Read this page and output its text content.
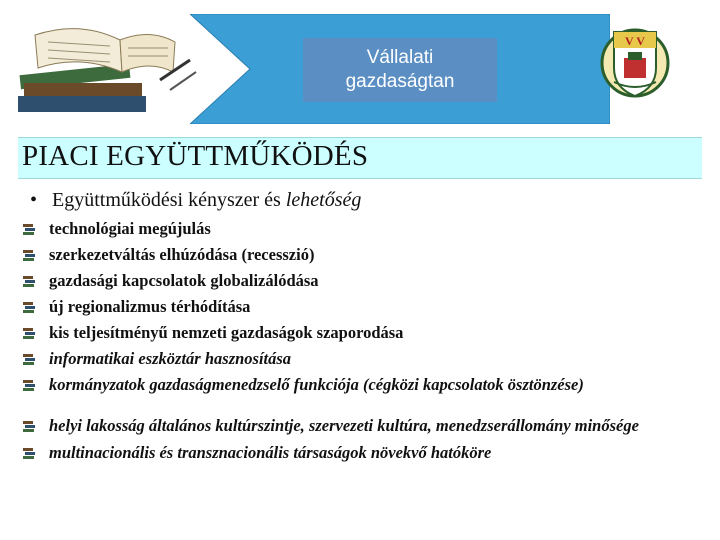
Vállalati
gazdaságtan
V V
PIACI EGYÜTTMŰKÖDÉS
• Együttműködési kényszer és lehetőség
technológiai megújulás
szerkezetváltás elhúzódása (recesszió)
gazdasági kapcsolatok globalizálódása
új regionalizmus térhódítása
kis teljesítményű nemzeti gazdaságok szaporodása
informatikai eszköztár hasznosítása
kormányzatok gazdaságmenedzselő funkciója (cégközi kapcsolatok ösztönzése)
helyi lakosság általános kultúrszintje, szervezeti kultúra, menedzserállomány minősége
multinacionális és transznacionális társaságok növekvő hatóköre
